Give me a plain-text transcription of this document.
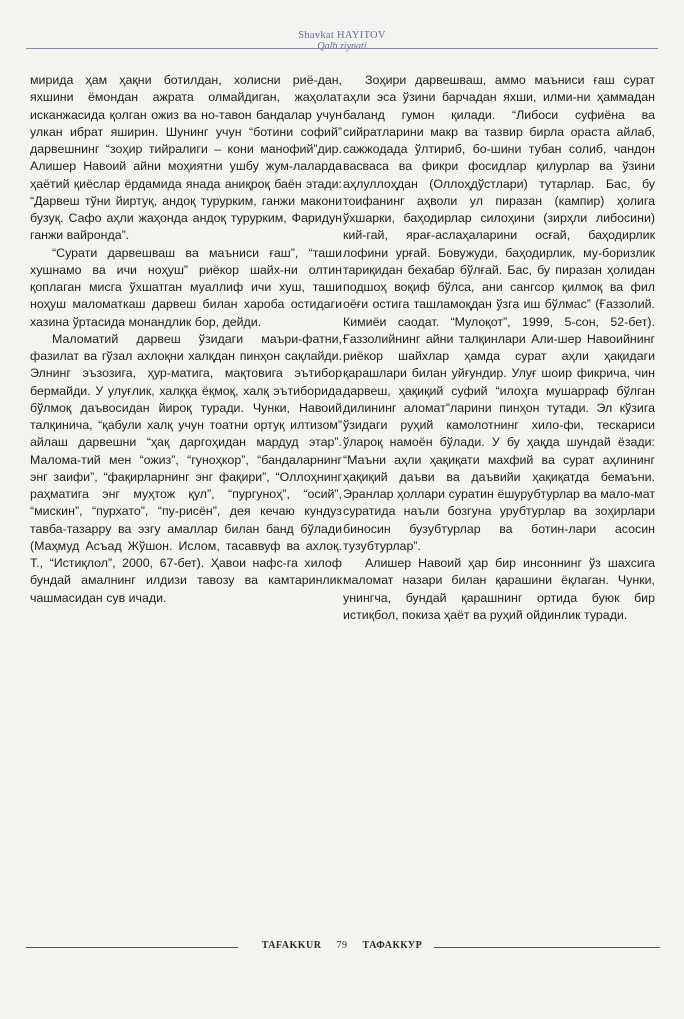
Shavkat HAYITOV
Qalb ziynati

мирида ҳам ҳақни ботилдан, холисни риё-дан, яхшини ёмондан ажрата олмайдиган, жаҳолат исканжасида қолган ожиз ва но-тавон бандалар учун улкан ибрат яширин. Шунинг учун “ботини софий” дарвешнинг “зоҳир тийралиги – кони манофий”дир. Алишер Навоий айни моҳиятни ушбу жум-лаларда ҳаётий қиёслар ёрдамида янада аниқроқ баён этади: “Дарвеш тўни йиртуқ, андоқ турурким, ганжи макони бузуқ. Сафо аҳли жаҳонда андоқ турурким, Фаридун ганжи вайронда”.

“Сурати дарвешваш ва маъниси ғаш”, “таши хушнамо ва ичи ноҳуш” риёкор шайх-ни олтин қоплаган мисга ўхшатган муаллиф ичи хуш, таши ноҳуш маломаткаш дарвеш билан хароба остидаги хазина ўртасида монандлик бор, дейди.

Маломатий дарвеш ўзидаги маъри-фатни, фазилат ва гўзал ахлоқни халқдан пинҳон сақлайди. Элнинг эъзозига, ҳур-матига, мақтовига эътибор бермайди. У улуғлик, халққа ёқмоқ, халқ эътиборида бўлмоқ даъвосидан йироқ туради. Чунки, Навоий талқинича, “қабули халқ учун тоатни ортуқ илтизом” айлаш дарвешни “ҳақ даргоҳидан мардуд этар”. Малома-тий мен “ожиз”, “гуноҳкор”, “бандаларнинг энг заифи”, “фақирларнинг энг фақири”, “Оллоҳнинг раҳматига энг муҳтож қул”, “пургуноҳ”, “осий”, “мискин”, “пурхато”, “пу-рисён”, дея кечаю кундуз тавба-тазарру ва эзгу амаллар билан банд бўлади (Маҳмуд Асъад Жўшон. Ислом, тасаввуф ва ахлоқ. Т., “Истиқлол”, 2000, 67-бет). Ҳавои нафс-га хилоф бундай амалнинг илдизи тавозу ва камтаринлик чашмасидан сув ичади.

Зоҳири дарвешваш, аммо маъниси ғаш сурат аҳли эса ўзини барчадан яхши, илми-ни ҳаммадан баланд гумон қилади. “Либоси суфиёна ва сийратларини макр ва тазвир бирла ораста айлаб, сажжодада ўлтириб, бо-шини тубан солиб, чандон васваса ва фикри фосидлар қилурлар ва ўзини аҳлуллоҳдан (Оллоҳдўстлари) тутарлар. Бас, бу тоифанинг аҳволи ул пиразан (кампир) ҳолига ўхшарки, баҳодирлар силоҳини (зирҳли либосини) кий-гай, ярағ-аслаҳаларини осғай, баҳодирлик лофини урғай. Бовужуди, баҳодирлик, му-боризлик тариқидан бехабар бўлғай. Бас, бу пиразан ҳолидан подшоҳ воқиф бўлса, ани сангсор қилмоқ ва фил оёғи остига ташламоқдан ўзга иш бўлмас” (Ғаззолий. Кимиёи саодат. “Мулоқот”, 1999, 5-сон, 52-бет). Ғаззолийнинг айни талқинлари Али-шер Навоийнинг риёкор шайхлар ҳамда сурат аҳли ҳақидаги қарашлари билан уйғундир. Улуғ шоир фикрича, чин дарвеш, ҳақиқий суфий “илоҳга мушарраф бўлган дилининг аломат”ларини пинҳон тутади. Эл кўзига ўзидаги руҳий камолотнинг хило-фи, тескариси ўлароқ намоён бўлади. У бу ҳақда шундай ёзади: “Маъни аҳли ҳақиқати махфий ва сурат аҳлининг ҳақиқий даъви ва даъвийи ҳақиқатда бемаъни. Эранлар ҳоллари суратин ёшурубтурлар ва мало-мат суратида наъли бозгуна урубтурлар ва зоҳирлари биносин бузубтурлар ва ботин-лари асосин тузубтурлар”.

Алишер Навоий ҳар бир инсоннинг ўз шахсига маломат назари билан қарашини ёқлаган. Чунки, унингча, бундай қарашнинг ортида буюк бир истиқбол, покиза ҳаёт ва руҳий ойдинлик туради.

TAFAKKUR 79 ТАФАККУР
